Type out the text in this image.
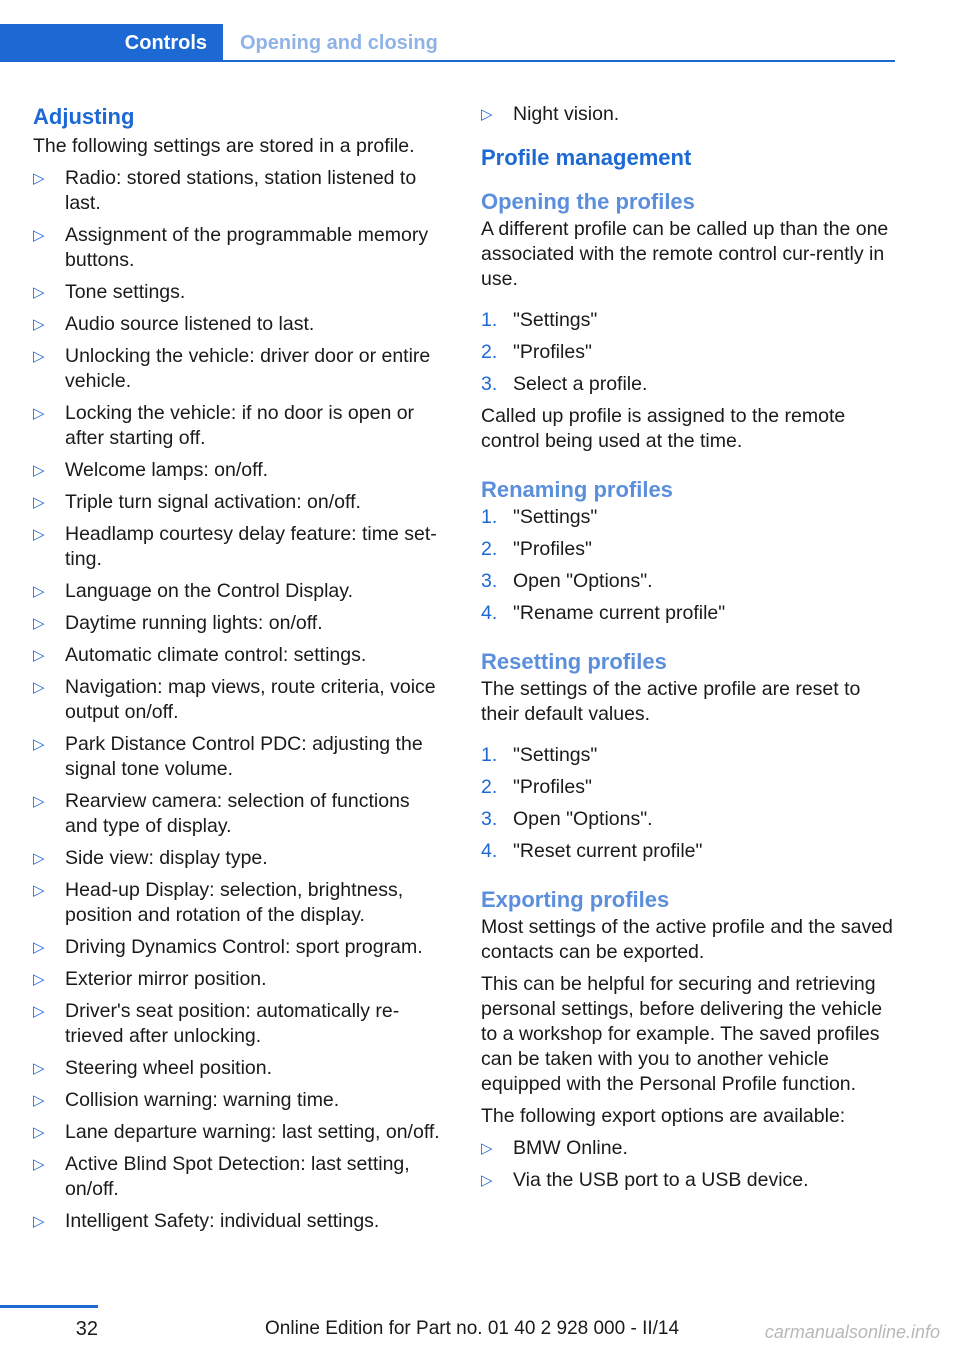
Controls	Opening and closing
Adjusting

The following settings are stored in a profile.

▷ Radio: stored stations, station listened to last.
▷ Assignment of the programmable memory buttons.
▷ Tone settings.
▷ Audio source listened to last.
▷ Unlocking the vehicle: driver door or entire vehicle.
▷ Locking the vehicle: if no door is open or after starting off.
▷ Welcome lamps: on/off.
▷ Triple turn signal activation: on/off.
▷ Headlamp courtesy delay feature: time set‐ting.
▷ Language on the Control Display.
▷ Daytime running lights: on/off.
▷ Automatic climate control: settings.
▷ Navigation: map views, route criteria, voice output on/off.
▷ Park Distance Control PDC: adjusting the signal tone volume.
▷ Rearview camera: selection of functions and type of display.
▷ Side view: display type.
▷ Head-up Display: selection, brightness, position and rotation of the display.
▷ Driving Dynamics Control: sport program.
▷ Exterior mirror position.
▷ Driver's seat position: automatically re‐trieved after unlocking.
▷ Steering wheel position.
▷ Collision warning: warning time.
▷ Lane departure warning: last setting, on/off.
▷ Active Blind Spot Detection: last setting, on/off.
▷ Intelligent Safety: individual settings.
▷ Night vision.
Profile management
Opening the profiles

A different profile can be called up than the one associated with the remote control cur‐rently in use.

1. "Settings"
2. "Profiles"
3. Select a profile.

Called up profile is assigned to the remote control being used at the time.

Renaming profiles
1. "Settings"
2. "Profiles"
3. Open "Options".
4. "Rename current profile"
Resetting profiles

The settings of the active profile are reset to their default values.

1. "Settings"
2. "Profiles"
3. Open "Options".
4. "Reset current profile"
Exporting profiles

Most settings of the active profile and the saved contacts can be exported.

This can be helpful for securing and retrieving personal settings, before delivering the vehicle to a workshop for example. The saved profiles can be taken with you to another vehicle equipped with the Personal Profile function.

The following export options are available:

▷ BMW Online.
▷ Via the USB port to a USB device.
32	Online Edition for Part no. 01 40 2 928 000 - II/14	carmanualsonline.info
